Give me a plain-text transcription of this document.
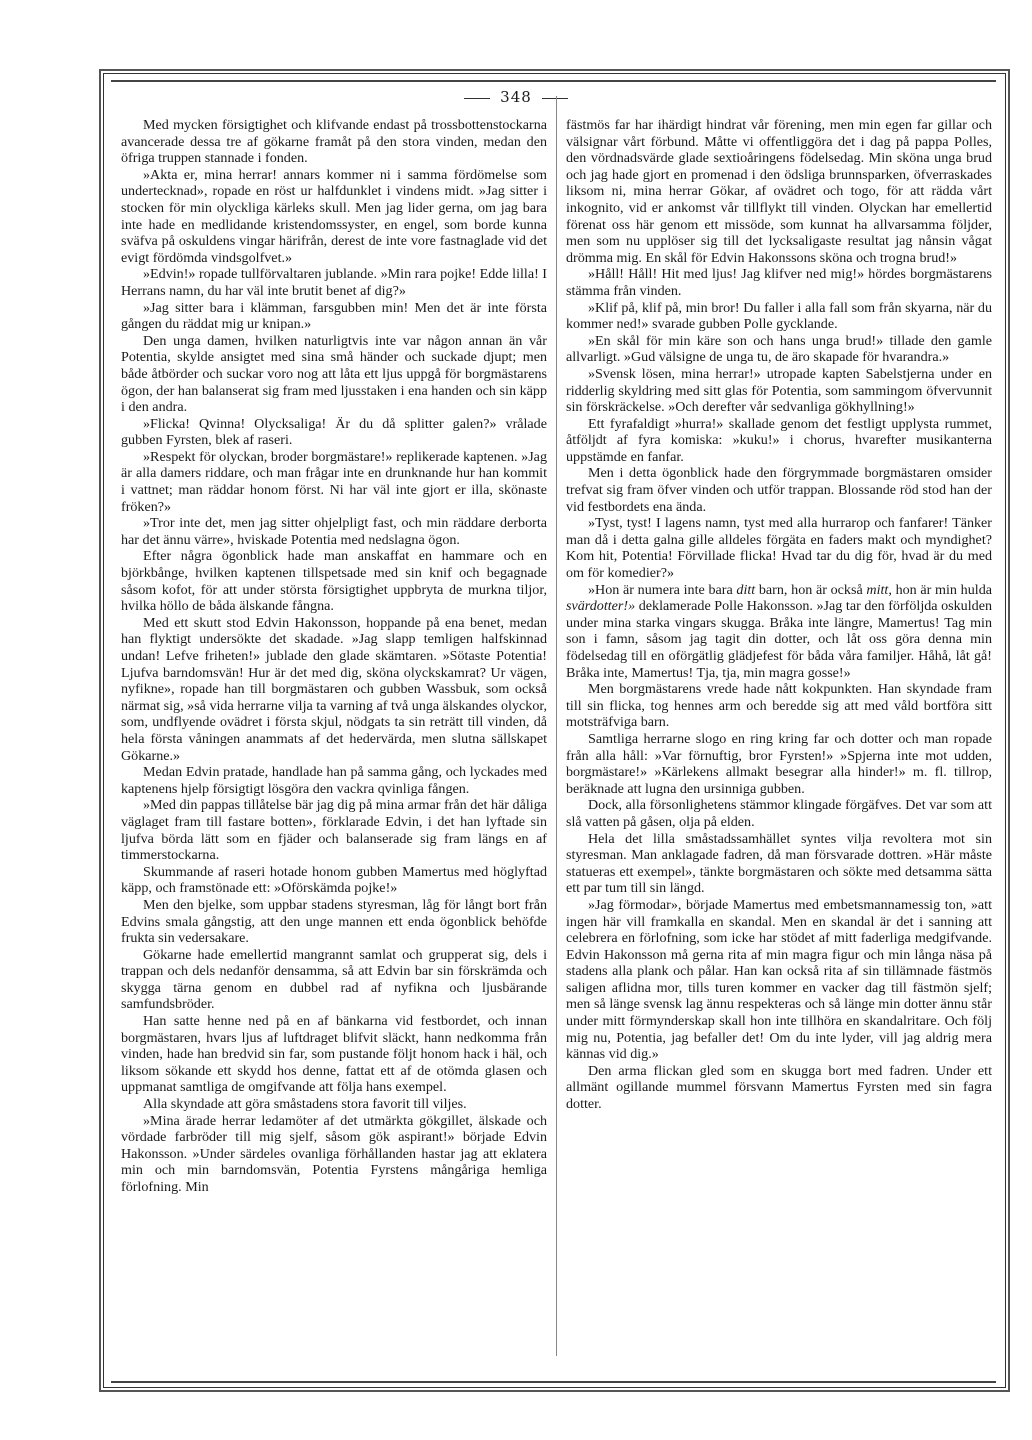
348

Med mycken försigtighet och klifvande endast på trossbottenstockarna avancerade dessa tre af gökarne framåt på den stora vinden, medan den öfriga truppen stannade i fonden.

»Akta er, mina herrar! annars kommer ni i samma fördömelse som undertecknad», ropade en röst ur halfdunklet i vindens midt. »Jag sitter i stocken för min olyckliga kärleks skull. Men jag lider gerna, om jag bara inte hade en medlidande kristendomssyster, en engel, som borde kunna sväfva på oskuldens vingar härifrån, derest de inte vore fastnaglade vid det evigt fördömda vindsgolfvet.»

»Edvin!» ropade tullförvaltaren jublande. »Min rara pojke! Edde lilla! I Herrans namn, du har väl inte brutit benet af dig?»

»Jag sitter bara i klämman, farsgubben min! Men det är inte första gången du räddat mig ur knipan.»

Den unga damen, hvilken naturligtvis inte var någon annan än vår Potentia, skylde ansigtet med sina små händer och suckade djupt; men både åtbörder och suckar voro nog att låta ett ljus uppgå för borgmästarens ögon, der han balanserat sig fram med ljusstaken i ena handen och sin käpp i den andra.

»Flicka! Qvinna! Olycksaliga! Är du då splitter galen?» vrålade gubben Fyrsten, blek af raseri.

»Respekt för olyckan, broder borgmästare!» replikerade kaptenen. »Jag är alla damers riddare, och man frågar inte en drunknande hur han kommit i vattnet; man räddar honom först. Ni har väl inte gjort er illa, skönaste fröken?»

»Tror inte det, men jag sitter ohjelpligt fast, och min räddare derborta har det ännu värre», hviskade Potentia med nedslagna ögon.

Efter några ögonblick hade man anskaffat en hammare och en björkbånge, hvilken kaptenen tillspetsade med sin knif och begagnade såsom kofot, för att under största försigtighet uppbryta de murkna tiljor, hvilka höllo de båda älskande fångna.

Med ett skutt stod Edvin Hakonsson, hoppande på ena benet, medan han flyktigt undersökte det skadade. »Jag slapp temligen halfskinnad undan! Lefve friheten!» jublade den glade skämtaren. »Sötaste Potentia! Ljufva barndomsvän! Hur är det med dig, sköna olyckskamrat? Ur vägen, nyfikne», ropade han till borgmästaren och gubben Wassbuk, som också närmat sig, »så vida herrarne vilja ta varning af två unga älskandes olyckor, som, undflyende ovädret i första skjul, nödgats ta sin reträtt till vinden, då hela första våningen anammats af det hedervärda, men slutna sällskapet Gökarne.»

Medan Edvin pratade, handlade han på samma gång, och lyckades med kaptenens hjelp försigtigt lösgöra den vackra qvinliga fången.

»Med din pappas tillåtelse bär jag dig på mina armar från det här dåliga väglaget fram till fastare botten», förklarade Edvin, i det han lyftade sin ljufva börda lätt som en fjäder och balanserade sig fram längs en af timmerstockarna.

Skummande af raseri hotade honom gubben Mamertus med höglyftad käpp, och framstönade ett: »Oförskämda pojke!»

Men den bjelke, som uppbar stadens styresman, låg för långt bort från Edvins smala gångstig, att den unge mannen ett enda ögonblick behöfde frukta sin vedersakare.

Gökarne hade emellertid mangrannt samlat och grupperat sig, dels i trappan och dels nedanför densamma, så att Edvin bar sin förskrämda och skygga tärna genom en dubbel rad af nyfikna och ljusbärande samfundsbröder.

Han satte henne ned på en af bänkarna vid festbordet, och innan borgmästaren, hvars ljus af luftdraget blifvit släckt, hann nedkomma från vinden, hade han bredvid sin far, som pustande följt honom hack i häl, och liksom sökande ett skydd hos denne, fattat ett af de otömda glasen och uppmanat samtliga de omgifvande att följa hans exempel.

Alla skyndade att göra småstadens stora favorit till viljes.

»Mina ärade herrar ledamöter af det utmärkta gökgillet, älskade och vördade farbröder till mig sjelf, såsom gök aspirant!» började Edvin Hakonsson. »Under särdeles ovanliga förhållanden hastar jag att eklatera min och min barndomsvän, Potentia Fyrstens mångåriga hemliga förlofning. Min

fästmös far har ihärdigt hindrat vår förening, men min egen far gillar och välsignar vårt förbund. Måtte vi offentliggöra det i dag på pappa Polles, den vördnadsvärde glade sextioåringens födelsedag. Min sköna unga brud och jag hade gjort en promenad i den ödsliga brunnsparken, öfverraskades liksom ni, mina herrar Gökar, af ovädret och togo, för att rädda vårt inkognito, vid er ankomst vår tillflykt till vinden. Olyckan har emellertid förenat oss här genom ett missöde, som kunnat ha allvarsamma följder, men som nu upplöser sig till det lycksaligaste resultat jag nånsin vågat drömma mig. En skål för Edvin Hakonssons sköna och trogna brud!»

»Håll! Håll! Hit med ljus! Jag klifver ned mig!» hördes borgmästarens stämma från vinden.

»Klif på, klif på, min bror! Du faller i alla fall som från skyarna, när du kommer ned!» svarade gubben Polle gycklande.

»En skål för min käre son och hans unga brud!» tillade den gamle allvarligt. »Gud välsigne de unga tu, de äro skapade för hvarandra.»

»Svensk lösen, mina herrar!» utropade kapten Sabelstjerna under en ridderlig skyldring med sitt glas för Potentia, som sammingom öfvervunnit sin förskräckelse. »Och derefter vår sedvanliga gökhyllning!»

Ett fyrafaldigt »hurra!» skallade genom det festligt upplysta rummet, åtföljdt af fyra komiska: »kuku!» i chorus, hvarefter musikanterna uppstämde en fanfar.

Men i detta ögonblick hade den förgrymmade borgmästaren omsider trefvat sig fram öfver vinden och utför trappan. Blossande röd stod han der vid festbordets ena ända.

»Tyst, tyst! I lagens namn, tyst med alla hurrarop och fanfarer! Tänker man då i detta galna gille alldeles förgäta en faders makt och myndighet? Kom hit, Potentia! Förvillade flicka! Hvad tar du dig för, hvad är du med om för komedier?»

»Hon är numera inte bara ditt barn, hon är också mitt, hon är min hulda svärdotter!» deklamerade Polle Hakonsson. »Jag tar den förföljda oskulden under mina starka vingars skugga. Bråka inte längre, Mamertus! Tag min son i famn, såsom jag tagit din dotter, och låt oss göra denna min födelsedag till en oförgätlig glädjefest för båda våra familjer. Håhå, låt gå! Bråka inte, Mamertus! Tja, tja, min magra gosse!»

Men borgmästarens vrede hade nått kokpunkten. Han skyndade fram till sin flicka, tog hennes arm och beredde sig att med våld bortföra sitt motsträfviga barn.

Samtliga herrarne slogo en ring kring far och dotter och man ropade från alla håll: »Var förnuftig, bror Fyrsten!» »Spjerna inte mot udden, borgmästare!» »Kärlekens allmakt besegrar alla hinder!» m. fl. tillrop, beräknade att lugna den ursinniga gubben.

Dock, alla försonlighetens stämmor klingade förgäfves. Det var som att slå vatten på gåsen, olja på elden.

Hela det lilla småstadssamhället syntes vilja revoltera mot sin styresman. Man anklagade fadren, då man försvarade dottren. »Här måste statueras ett exempel», tänkte borgmästaren och sökte med detsamma sätta ett par tum till sin längd.

»Jag förmodar», började Mamertus med embetsmannamessig ton, »att ingen här vill framkalla en skandal. Men en skandal är det i sanning att celebrera en förlofning, som icke har stödet af mitt faderliga medgifvande. Edvin Hakonsson må gerna rita af min magra figur och min långa näsa på stadens alla plank och pålar. Han kan också rita af sin tillämnade fästmös saligen aflidna mor, tills turen kommer en vacker dag till fästmön sjelf; men så länge svensk lag ännu respekteras och så länge min dotter ännu står under mitt förmynderskap skall hon inte tillhöra en skandalritare. Och följ mig nu, Potentia, jag befaller det! Om du inte lyder, vill jag aldrig mera kännas vid dig.»

Den arma flickan gled som en skugga bort med fadren. Under ett allmänt ogillande mummel försvann Mamertus Fyrsten med sin fagra dotter.
